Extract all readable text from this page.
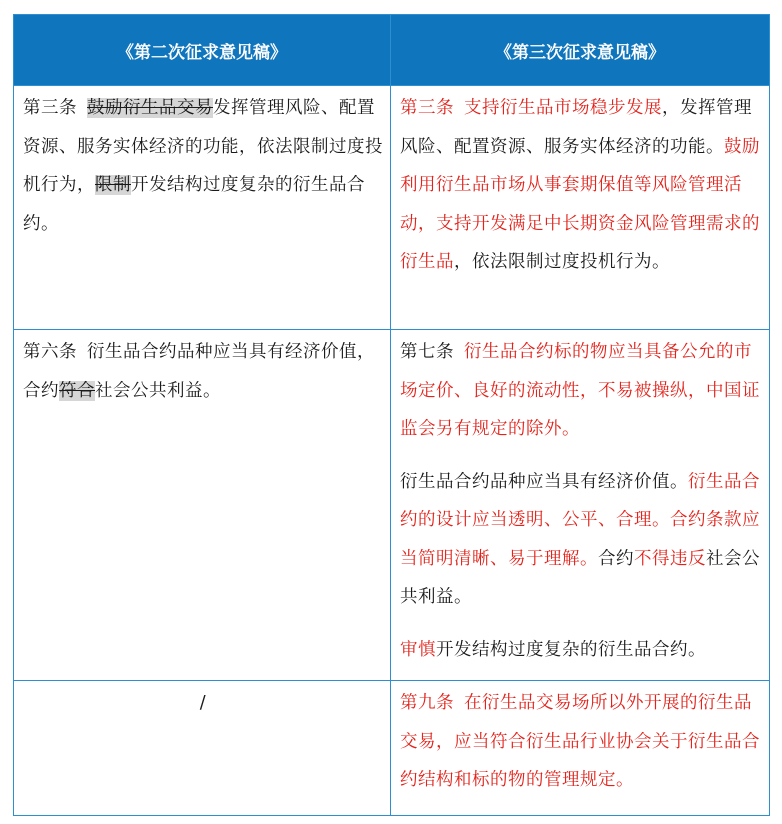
《第二次征求意见稿》	《第三次征求意见稿》
第三条 鼓励衍生品交易发挥管理风险、配置资源、服务实体经济的功能，依法限制过度投机行为，限制开发结构过度复杂的衍生品合约。	第三条 支持衍生品市场稳步发展，发挥管理风险、配置资源、服务实体经济的功能。鼓励利用衍生品市场从事套期保值等风险管理活动，支持开发满足中长期资金风险管理需求的衍生品，依法限制过度投机行为。
第六条 衍生品合约品种应当具有经济价值，合约符合社会公共利益。	第七条 衍生品合约标的物应当具备公允的市场定价、良好的流动性，不易被操纵，中国证监会另有规定的除外。
衍生品合约品种应当具有经济价值。衍生品合约的设计应当透明、公平、合理。合约条款应当简明清晰、易于理解。合约不得违反社会公共利益。
审慎开发结构过度复杂的衍生品合约。

/	第九条 在衍生品交易场所以外开展的衍生品交易，应当符合衍生品行业协会关于衍生品合约结构和标的物的管理规定。
